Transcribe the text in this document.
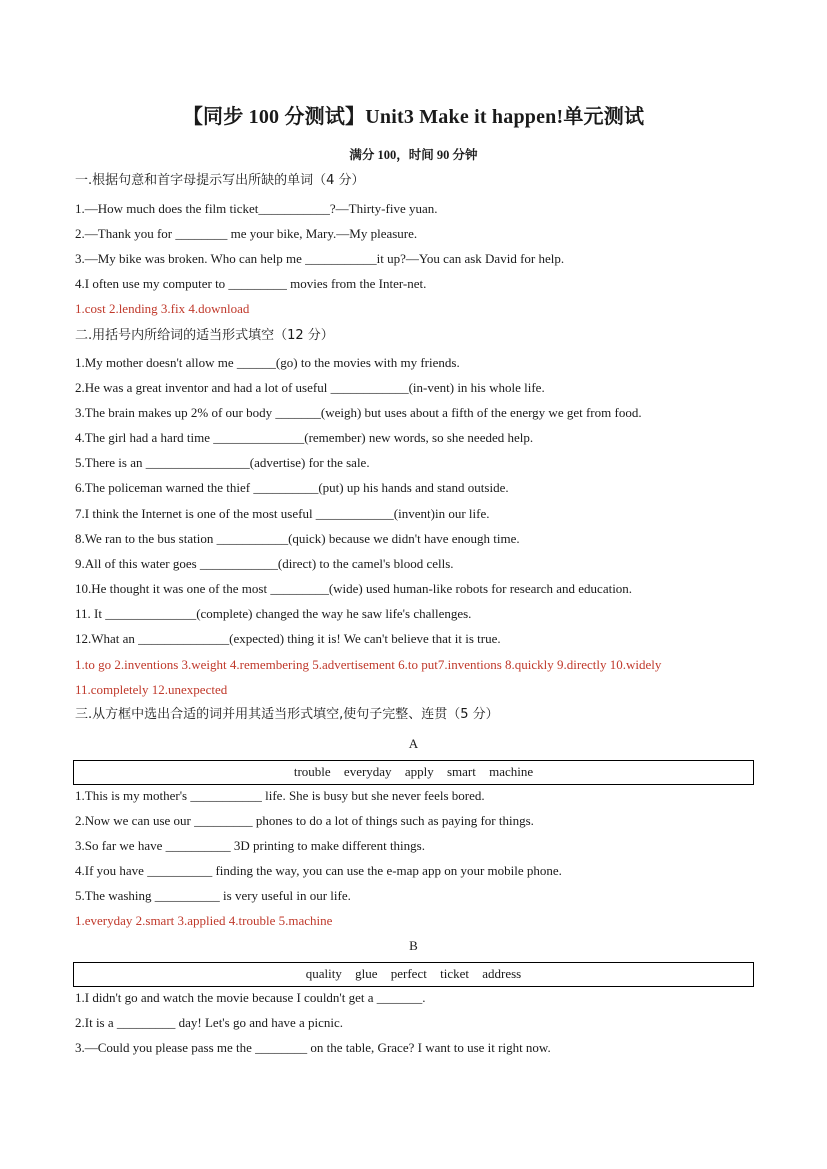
【同步 100 分测试】Unit3 Make it happen!单元测试
满分 100，时间 90 分钟
一.根据句意和首字母提示写出所缺的单词（4 分）
1.—How much does the film ticket___________?—Thirty-five yuan.
2.—Thank you for ________ me your bike, Mary.—My pleasure.
3.—My bike was broken. Who can help me ___________it up?—You can ask David for help.
4.I often use my computer to _________ movies from the Inter-net.
1.cost 2.lending 3.fix 4.download
二.用括号内所给词的适当形式填空（12 分）
1.My mother doesn't allow me ______(go) to the movies with my friends.
2.He was a great inventor and had a lot of useful ____________(in-vent) in his whole life.
3.The brain makes up 2% of our body _______(weigh) but uses about a fifth of the energy we get from food.
4.The girl had a hard time ______________(remember) new words, so she needed help.
5.There is an ________________(advertise) for the sale.
6.The policeman warned the thief __________(put) up his hands and stand outside.
7.I think the Internet is one of the most useful ____________(invent)in our life.
8.We ran to the bus station ___________(quick) because we didn't have enough time.
9.All of this water goes ____________(direct) to the camel's blood cells.
10.He thought it was one of the most _________(wide) used human-like robots for research and education.
11. It ______________(complete) changed the way he saw life's challenges.
12.What an ______________(expected) thing it is! We can't believe that it is true.
1.to go 2.inventions 3.weight 4.remembering 5.advertisement 6.to put7.inventions 8.quickly 9.directly 10.widely
11.completely 12.unexpected
三.从方框中选出合适的词并用其适当形式填空,使句子完整、连贯（5 分）
A
trouble everyday apply smart machine
1.This is my mother's ___________ life. She is busy but she never feels bored.
2.Now we can use our _________ phones to do a lot of things such as paying for things.
3.So far we have __________ 3D printing to make different things.
4.If you have __________ finding the way, you can use the e-map app on your mobile phone.
5.The washing __________ is very useful in our life.
1.everyday 2.smart 3.applied 4.trouble 5.machine
B
quality glue perfect ticket address
1.I didn't go and watch the movie because I couldn't get a _______.
2.It is a _________ day! Let's go and have a picnic.
3.—Could you please pass me the ________ on the table, Grace? I want to use it right now.
